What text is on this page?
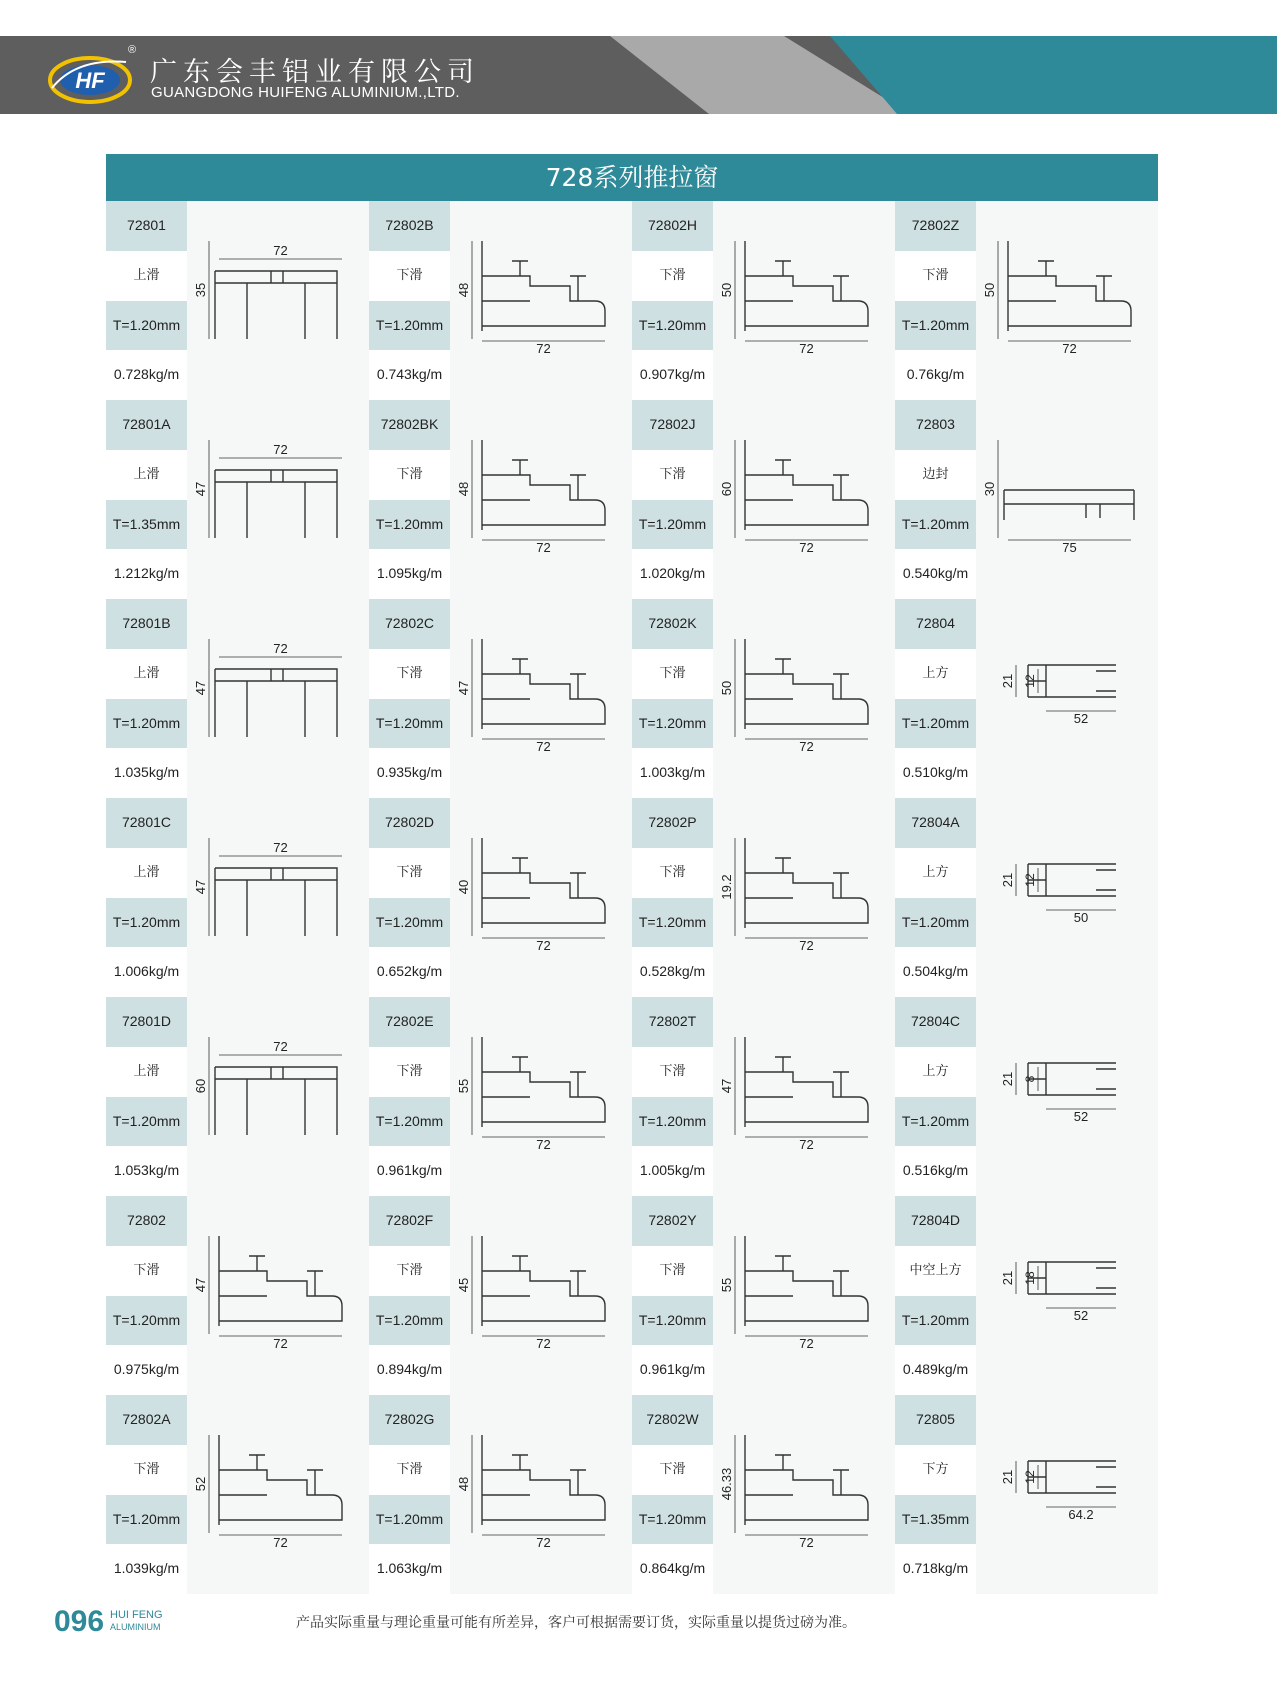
HF
®
广东会丰铝业有限公司
GUANGDONG HUIFENG ALUMINIUM.,LTD.
728系列推拉窗
72801
上滑
T=1.20mm
0.728kg/m
72
35
72802B
下滑
T=1.20mm
0.743kg/m
72
48
72802H
下滑
T=1.20mm
0.907kg/m
72
50
72802Z
下滑
T=1.20mm
0.76kg/m
72
50
72801A
上滑
T=1.35mm
1.212kg/m
72
47
72802BK
下滑
T=1.20mm
1.095kg/m
72
48
72802J
下滑
T=1.20mm
1.020kg/m
72
60
72803
边封
T=1.20mm
0.540kg/m
75
30
72801B
上滑
T=1.20mm
1.035kg/m
72
47
72802C
下滑
T=1.20mm
0.935kg/m
72
47
72802K
下滑
T=1.20mm
1.003kg/m
72
50
72804
上方
T=1.20mm
0.510kg/m
52
21 12
72801C
上滑
T=1.20mm
1.006kg/m
72
47
72802D
下滑
T=1.20mm
0.652kg/m
72
40
72802P
下滑
T=1.20mm
0.528kg/m
72
19.2
72804A
上方
T=1.20mm
0.504kg/m
50
21 12
72801D
上滑
T=1.20mm
1.053kg/m
72
60
72802E
下滑
T=1.20mm
0.961kg/m
72
55
72802T
下滑
T=1.20mm
1.005kg/m
72
47
72804C
上方
T=1.20mm
0.516kg/m
52
21 8
72802
下滑
T=1.20mm
0.975kg/m
72
47
72802F
下滑
T=1.20mm
0.894kg/m
72
45
72802Y
下滑
T=1.20mm
0.961kg/m
72
55
72804D
中空上方
T=1.20mm
0.489kg/m
52
21 18
72802A
下滑
T=1.20mm
1.039kg/m
72
52
72802G
下滑
T=1.20mm
1.063kg/m
72
48
72802W
下滑
T=1.20mm
0.864kg/m
72
46.33
72805
下方
T=1.35mm
0.718kg/m
64.2
21 12
096 HUI FENG
ALUMINIUM	产品实际重量与理论重量可能有所差异，客户可根据需要订货，实际重量以提货过磅为准。
